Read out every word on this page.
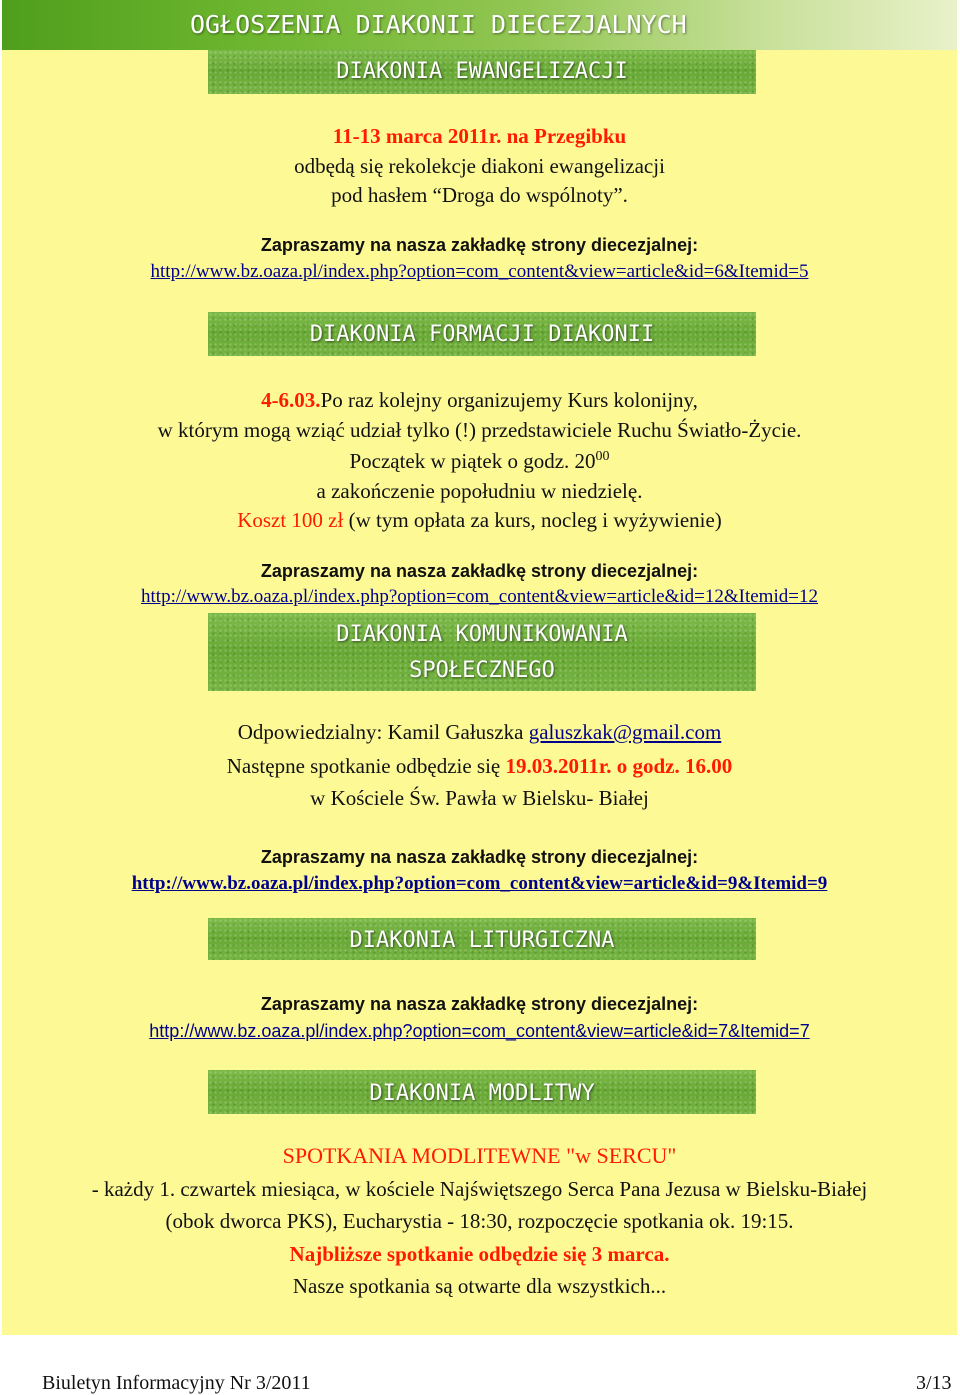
OGŁOSZENIA DIAKONII DIECEZJALNYCH
DIAKONIA EWANGELIZACJI
11-13 marca 2011r. na Przegibku
odbędą się rekolekcje diakoni ewangelizacji
pod hasłem “Droga do wspólnoty”.
Zapraszamy na nasza zakładkę strony diecezjalnej:
http://www.bz.oaza.pl/index.php?option=com_content&view=article&id=6&Itemid=5
DIAKONIA FORMACJI DIAKONII
4-6.03.Po raz kolejny organizujemy Kurs kolonijny,
w którym mogą wziąć udział tylko (!) przedstawiciele Ruchu Światło-Życie.
Początek w piątek o godz. $20^{00}$
a zakończenie popołudniu w niedzielę.
Koszt 100 zł (w tym opłata za kurs, nocleg i wyżywienie)
Zapraszamy na nasza zakładkę strony diecezjalnej:
http://www.bz.oaza.pl/index.php?option=com_content&view=article&id=12&Itemid=12
DIAKONIA KOMUNIKOWANIA
SPOŁECZNEGO
Odpowiedzialny: Kamil Gałuszka galuszkak@gmail.com
Następne spotkanie odbędzie się 19.03.2011r. o godz. 16.00
w Kościele Św. Pawła w Bielsku- Białej
Zapraszamy na nasza zakładkę strony diecezjalnej:
http://www.bz.oaza.pl/index.php?option=com_content&view=article&id=9&Itemid=9
DIAKONIA LITURGICZNA
Zapraszamy na nasza zakładkę strony diecezjalnej:
http://www.bz.oaza.pl/index.php?option=com_content&view=article&id=7&Itemid=7
DIAKONIA MODLITWY
SPOTKANIA MODLITEWNE "w SERCU"
- każdy 1. czwartek miesiąca, w kościele Najświętszego Serca Pana Jezusa w Bielsku-Białej
(obok dworca PKS), Eucharystia - 18:30, rozpoczęcie spotkania ok. 19:15.
Najbliższe spotkanie odbędzie się 3 marca.
Nasze spotkania są otwarte dla wszystkich...
Biuletyn Informacyjny Nr 3/2011	3/13
